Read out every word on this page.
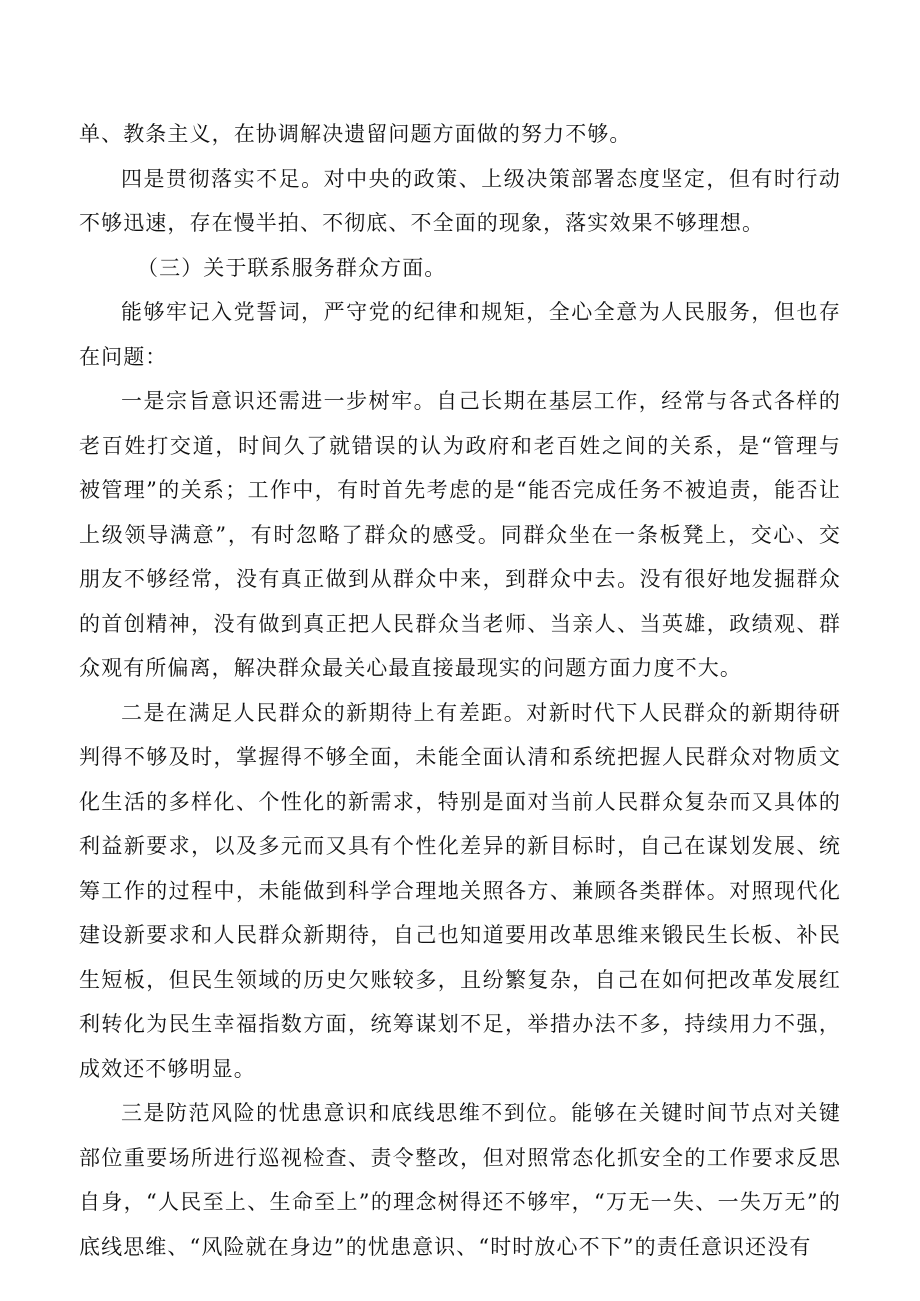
单、教条主义，在协调解决遗留问题方面做的努力不够。

四是贯彻落实不足。对中央的政策、上级决策部署态度坚定，但有时行动不够迅速，存在慢半拍、不彻底、不全面的现象，落实效果不够理想。

（三）关于联系服务群众方面。

能够牢记入党誓词，严守党的纪律和规矩，全心全意为人民服务，但也存在问题：

一是宗旨意识还需进一步树牢。自己长期在基层工作，经常与各式各样的老百姓打交道，时间久了就错误的认为政府和老百姓之间的关系，是“管理与被管理”的关系；工作中，有时首先考虑的是“能否完成任务不被追责，能否让上级领导满意”，有时忽略了群众的感受。同群众坐在一条板凳上，交心、交朋友不够经常，没有真正做到从群众中来，到群众中去。没有很好地发掘群众的首创精神，没有做到真正把人民群众当老师、当亲人、当英雄，政绩观、群众观有所偏离，解决群众最关心最直接最现实的问题方面力度不大。

二是在满足人民群众的新期待上有差距。对新时代下人民群众的新期待研判得不够及时，掌握得不够全面，未能全面认清和系统把握人民群众对物质文化生活的多样化、个性化的新需求，特别是面对当前人民群众复杂而又具体的利益新要求，以及多元而又具有个性化差异的新目标时，自己在谋划发展、统筹工作的过程中，未能做到科学合理地关照各方、兼顾各类群体。对照现代化建设新要求和人民群众新期待，自己也知道要用改革思维来锻民生长板、补民生短板，但民生领域的历史欠账较多，且纷繁复杂，自己在如何把改革发展红利转化为民生幸福指数方面，统筹谋划不足，举措办法不多，持续用力不强，成效还不够明显。

三是防范风险的忧患意识和底线思维不到位。能够在关键时间节点对关键部位重要场所进行巡视检查、责令整改，但对照常态化抓安全的工作要求反思自身，“人民至上、生命至上”的理念树得还不够牢，“万无一失、一失万无”的底线思维、“风险就在身边”的忧患意识、“时时放心不下”的责任意识还没有
